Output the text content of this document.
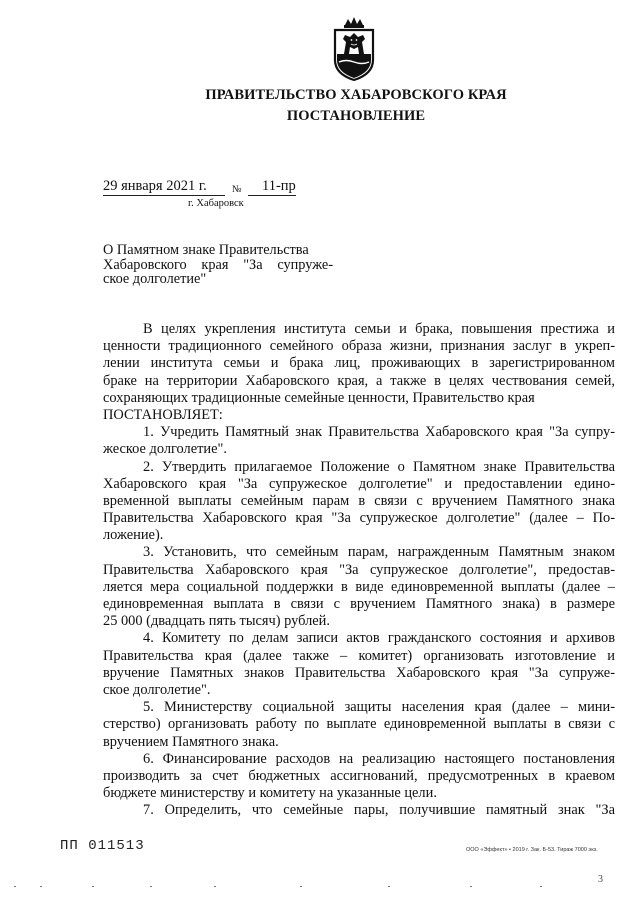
ПРАВИТЕЛЬСТВО ХАБАРОВСКОГО КРАЯ
ПОСТАНОВЛЕНИЕ
29 января 2021 г.	№ 11-пр
г. Хабаровск
О Памятном знаке Правительства
Хабаровского края "За супруже-
ское долголетие"
В целях укрепления института семьи и брака, повышения престижа и
ценности традиционного семейного образа жизни, признания заслуг в укреп-
лении института семьи и брака лиц, проживающих в зарегистрированном
браке на территории Хабаровского края, а также в целях чествования семей,
сохраняющих традиционные семейные ценности, Правительство края
ПОСТАНОВЛЯЕТ:
1. Учредить Памятный знак Правительства Хабаровского края "За супру-
жеское долголетие".
2. Утвердить прилагаемое Положение о Памятном знаке Правительства
Хабаровского края "За супружеское долголетие" и предоставлении едино-
временной выплаты семейным парам в связи с вручением Памятного знака
Правительства Хабаровского края "За супружеское долголетие" (далее – По-
ложение).
3. Установить, что семейным парам, награжденным Памятным знаком
Правительства Хабаровского края "За супружеское долголетие", предостав-
ляется мера социальной поддержки в виде единовременной выплаты (далее –
единовременная выплата в связи с вручением Памятного знака) в размере
25 000 (двадцать пять тысяч) рублей.
4. Комитету по делам записи актов гражданского состояния и архивов
Правительства края (далее также – комитет) организовать изготовление и
вручение Памятных знаков Правительства Хабаровского края "За супруже-
ское долголетие".
5. Министерству социальной защиты населения края (далее – мини-
стерство) организовать работу по выплате единовременной выплаты в связи с
вручением Памятного знака.
6. Финансирование расходов на реализацию настоящего постановления
производить за счет бюджетных ассигнований, предусмотренных в краевом
бюджете министерству и комитету на указанные цели.
7. Определить, что семейные пары, получившие памятный знак "За
ПП 011513	ООО «Эффект» • 2019 г. Зак. Б-53. Тираж 7000 экз.
3
